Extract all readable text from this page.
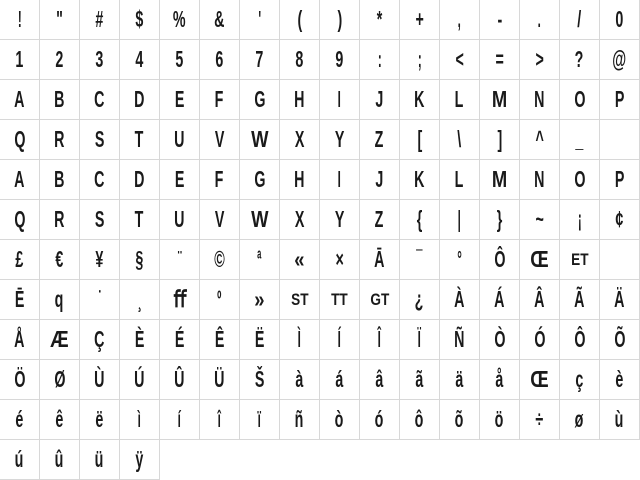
! " # $ % & ' ( ) * + , - . / 0
1 2 3 4 5 6 7 8 9 : ; < = > ? @
A B C D E F G H I J K L M N O P
Q R S T U V W X Y Z [ \ ] ^ _
A B C D E F G H I J K L M N O P
Q R S T U V W X Y Z { | } ~ ¡ ¢
£ € ¥ § ¨ © ª « × Ā ¯ ° Ô Œ ET
Ē q ˙ ¸ ﬀ º » ST TT GT ¿ À Á Â Ã Ä
Å Æ Ç È É Ê Ë Ì Í Î Ï Ñ Ò Ó Ô Õ
Ö Ø Ù Ú Û Ü Š à á â ã ä å Œ ç è
é ê ë ì í î ï ñ ò ó ô õ ö ÷ ø ù
ú û ü ÿ
